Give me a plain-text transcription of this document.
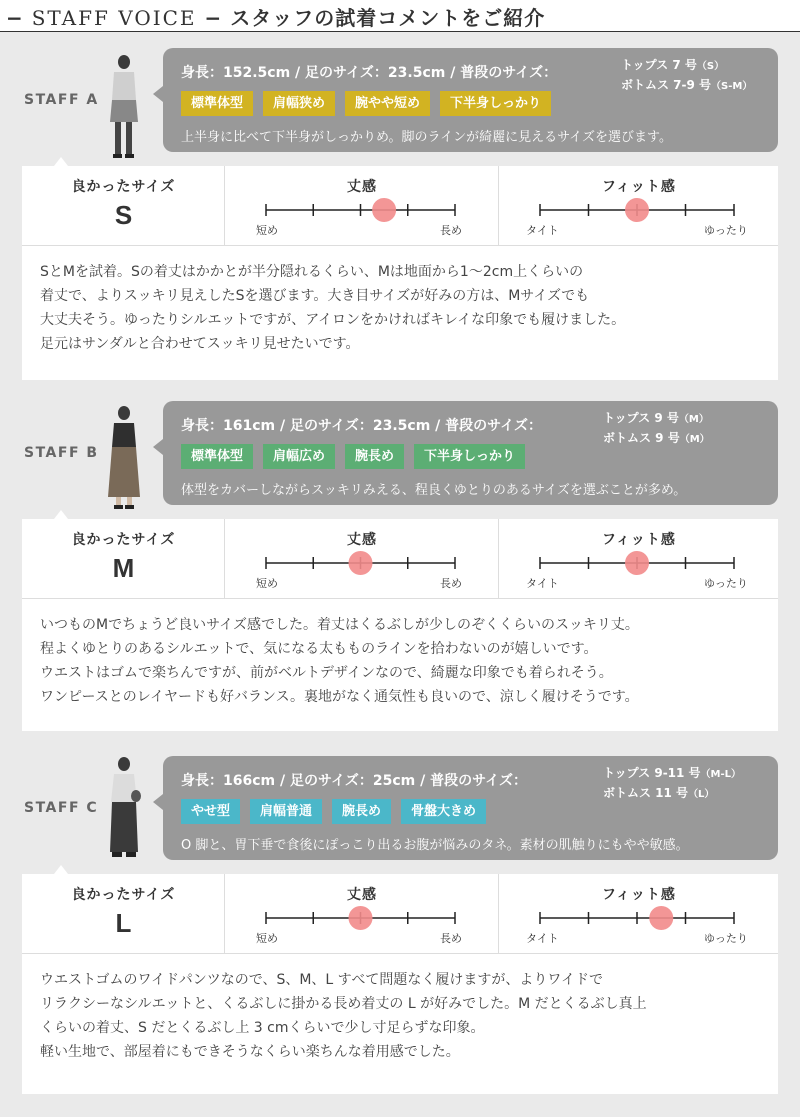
− STAFF VOICE − スタッフの試着コメントをご紹介
STAFF A
身長：152.5cm / 足のサイズ：23.5cm / 普段のサイズ：	トップス 7 号（S）
ボトムス 7-9 号（S-M）
標準体型	肩幅狭め	腕やや短め	下半身しっかり
上半身に比べて下半身がしっかりめ。脚のラインが綺麗に見えるサイズを選びます。
良かったサイズ
S
丈感
短め	長め
フィット感
タイト	ゆったり

SとMを試着。Sの着丈はかかとが半分隠れるくらい、Mは地面から1〜2cm上くらいの

着丈で、よりスッキリ見えしたSを選びます。大き目サイズが好みの方は、Mサイズでも

大丈夫そう。ゆったりシルエットですが、アイロンをかければキレイな印象でも履けました。

足元はサンダルと合わせてスッキリ見せたいです。

STAFF B
身長：161cm / 足のサイズ：23.5cm / 普段のサイズ：	トップス 9 号（M）
ボトムス 9 号（M）
標準体型	肩幅広め	腕長め	下半身しっかり
体型をカバーしながらスッキリみえる、程良くゆとりのあるサイズを選ぶことが多め。
良かったサイズ
M
丈感
短め	長め
フィット感
タイト	ゆったり

いつものMでちょうど良いサイズ感でした。着丈はくるぶしが少しのぞくくらいのスッキリ丈。

程よくゆとりのあるシルエットで、気になる太もものラインを拾わないのが嬉しいです。

ウエストはゴムで楽ちんですが、前がベルトデザインなので、綺麗な印象でも着られそう。

ワンピースとのレイヤードも好バランス。裏地がなく通気性も良いので、涼しく履けそうです。

STAFF C
身長：166cm / 足のサイズ：25cm / 普段のサイズ：	トップス 9-11 号（M-L）
ボトムス 11 号（L）
やせ型	肩幅普通	腕長め	骨盤大きめ
O 脚と、胃下垂で食後にぽっこり出るお腹が悩みのタネ。素材の肌触りにもやや敏感。
良かったサイズ
L
丈感
短め	長め
フィット感
タイト	ゆったり

ウエストゴムのワイドパンツなので、S、M、L すべて問題なく履けますが、よりワイドで

リラクシーなシルエットと、くるぶしに掛かる長め着丈の L が好みでした。M だとくるぶし真上

くらいの着丈、S だとくるぶし上 3 cmくらいで少し寸足らずな印象。

軽い生地で、部屋着にもできそうなくらい楽ちんな着用感でした。
